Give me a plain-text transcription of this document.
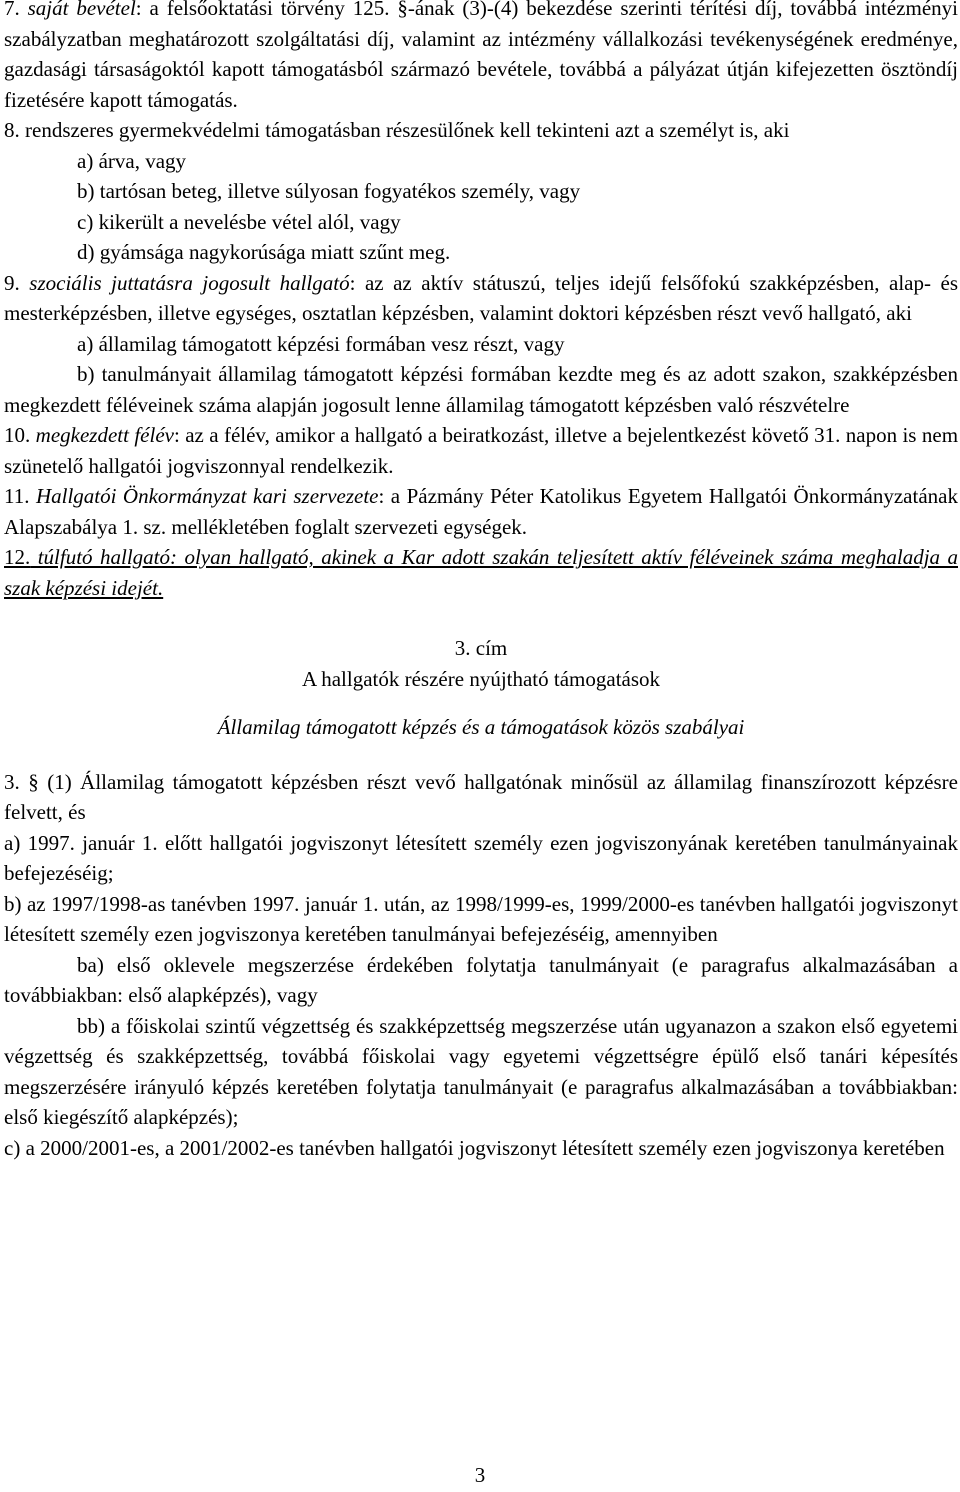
7. saját bevétel: a felsőoktatási törvény 125. §-ának (3)-(4) bekezdése szerinti térítési díj, továbbá intézményi szabályzatban meghatározott szolgáltatási díj, valamint az intézmény vállalkozási tevékenységének eredménye, gazdasági társaságoktól kapott támogatásból származó bevétele, továbbá a pályázat útján kifejezetten ösztöndíj fizetésére kapott támogatás.

8. rendszeres gyermekvédelmi támogatásban részesülőnek kell tekinteni azt a személyt is, aki

a) árva, vagy

b) tartósan beteg, illetve súlyosan fogyatékos személy, vagy

c) kikerült a nevelésbe vétel alól, vagy

d) gyámsága nagykorúsága miatt szűnt meg.

9. szociális juttatásra jogosult hallgató: az az aktív státuszú, teljes idejű felsőfokú szakképzésben, alap- és mesterképzésben, illetve egységes, osztatlan képzésben, valamint doktori képzésben részt vevő hallgató, aki

a) államilag támogatott képzési formában vesz részt, vagy

b) tanulmányait államilag támogatott képzési formában kezdte meg és az adott szakon, szakképzésben megkezdett féléveinek száma alapján jogosult lenne államilag támogatott képzésben való részvételre

10. megkezdett félév: az a félév, amikor a hallgató a beiratkozást, illetve a bejelentkezést követő 31. napon is nem szünetelő hallgatói jogviszonnyal rendelkezik.

11. Hallgatói Önkormányzat kari szervezete: a Pázmány Péter Katolikus Egyetem Hallgatói Önkormányzatának Alapszabálya 1. sz. mellékletében foglalt szervezeti egységek.

12. túlfutó hallgató: olyan hallgató, akinek a Kar adott szakán teljesített aktív féléveinek száma meghaladja a szak képzési idejét.

3. cím

A hallgatók részére nyújtható támogatások

Államilag támogatott képzés és a támogatások közös szabályai

3. § (1) Államilag támogatott képzésben részt vevő hallgatónak minősül az államilag finanszírozott képzésre felvett, és

a) 1997. január 1. előtt hallgatói jogviszonyt létesített személy ezen jogviszonyának keretében tanulmányainak befejezéséig;

b) az 1997/1998-as tanévben 1997. január 1. után, az 1998/1999-es, 1999/2000-es tanévben hallgatói jogviszonyt létesített személy ezen jogviszonya keretében tanulmányai befejezéséig, amennyiben

ba) első oklevele megszerzése érdekében folytatja tanulmányait (e paragrafus alkalmazásában a továbbiakban: első alapképzés), vagy

bb) a főiskolai szintű végzettség és szakképzettség megszerzése után ugyanazon a szakon első egyetemi végzettség és szakképzettség, továbbá főiskolai vagy egyetemi végzettségre épülő első tanári képesítés megszerzésére irányuló képzés keretében folytatja tanulmányait (e paragrafus alkalmazásában a továbbiakban: első kiegészítő alapképzés);

c) a 2000/2001-es, a 2001/2002-es tanévben hallgatói jogviszonyt létesített személy ezen jogviszonya keretében

3
